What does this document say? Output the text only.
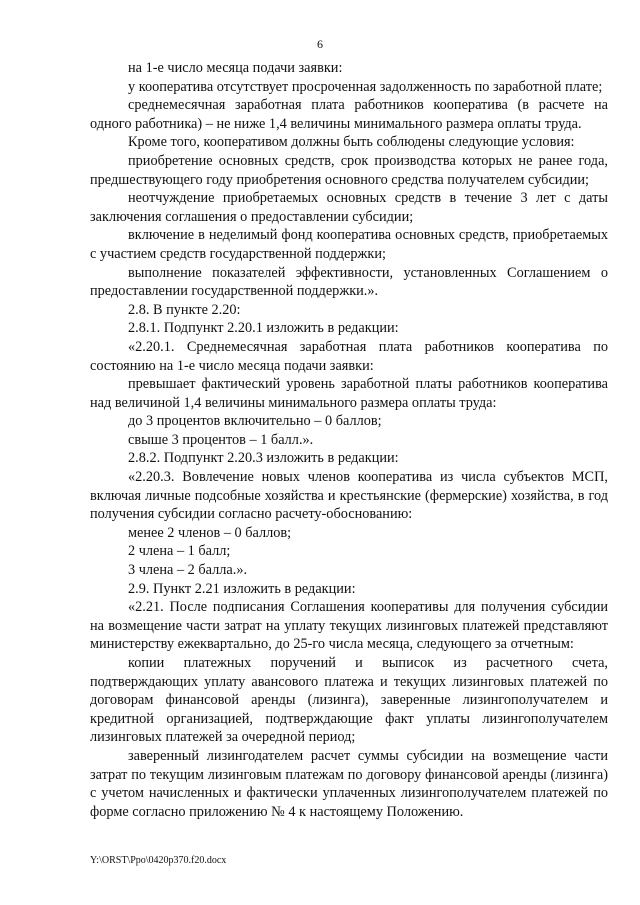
6

на 1-е число месяца подачи заявки:

у кооператива отсутствует просроченная задолженность по заработной плате;

среднемесячная заработная плата работников кооператива (в расчете на одного работника) – не ниже 1,4 величины минимального размера оплаты труда.

Кроме того, кооперативом должны быть соблюдены следующие условия:

приобретение основных средств, срок производства которых не ранее года, предшествующего году приобретения основного средства получателем субсидии;

неотчуждение приобретаемых основных средств в течение 3 лет с даты заключения соглашения о предоставлении субсидии;

включение в неделимый фонд кооператива основных средств, приобретаемых с участием средств государственной поддержки;

выполнение показателей эффективности, установленных Соглашением о предоставлении государственной поддержки.».

2.8. В пункте 2.20:

2.8.1. Подпункт 2.20.1 изложить в редакции:

«2.20.1. Среднемесячная заработная плата работников кооператива по состоянию на 1-е число месяца подачи заявки:

превышает фактический уровень заработной платы работников кооператива над величиной 1,4 величины минимального размера оплаты труда:

до 3 процентов включительно – 0 баллов;

свыше 3 процентов – 1 балл.».

2.8.2. Подпункт 2.20.3 изложить в редакции:

«2.20.3. Вовлечение новых членов кооператива из числа субъектов МСП, включая личные подсобные хозяйства и крестьянские (фермерские) хозяйства, в год получения субсидии согласно расчету-обоснованию:

менее 2 членов – 0 баллов;

2 члена – 1 балл;

3 члена – 2 балла.».

2.9. Пункт 2.21 изложить в редакции:

«2.21. После подписания Соглашения кооперативы для получения субсидии на возмещение части затрат на уплату текущих лизинговых платежей представляют министерству ежеквартально, до 25-го числа месяца, следующего за отчетным:

копии платежных поручений и выписок из расчетного счета, подтверждающих уплату авансового платежа и текущих лизинговых платежей по договорам финансовой аренды (лизинга), заверенные лизингополучателем и кредитной организацией, подтверждающие факт уплаты лизингополучателем лизинговых платежей за очередной период;

заверенный лизингодателем расчет суммы субсидии на возмещение части затрат по текущим лизинговым платежам по договору финансовой аренды (лизинга) с учетом начисленных и фактически уплаченных лизингополучателем платежей по форме согласно приложению № 4 к настоящему Положению.

Y:\ORST\Ppo\0420p370.f20.docx
